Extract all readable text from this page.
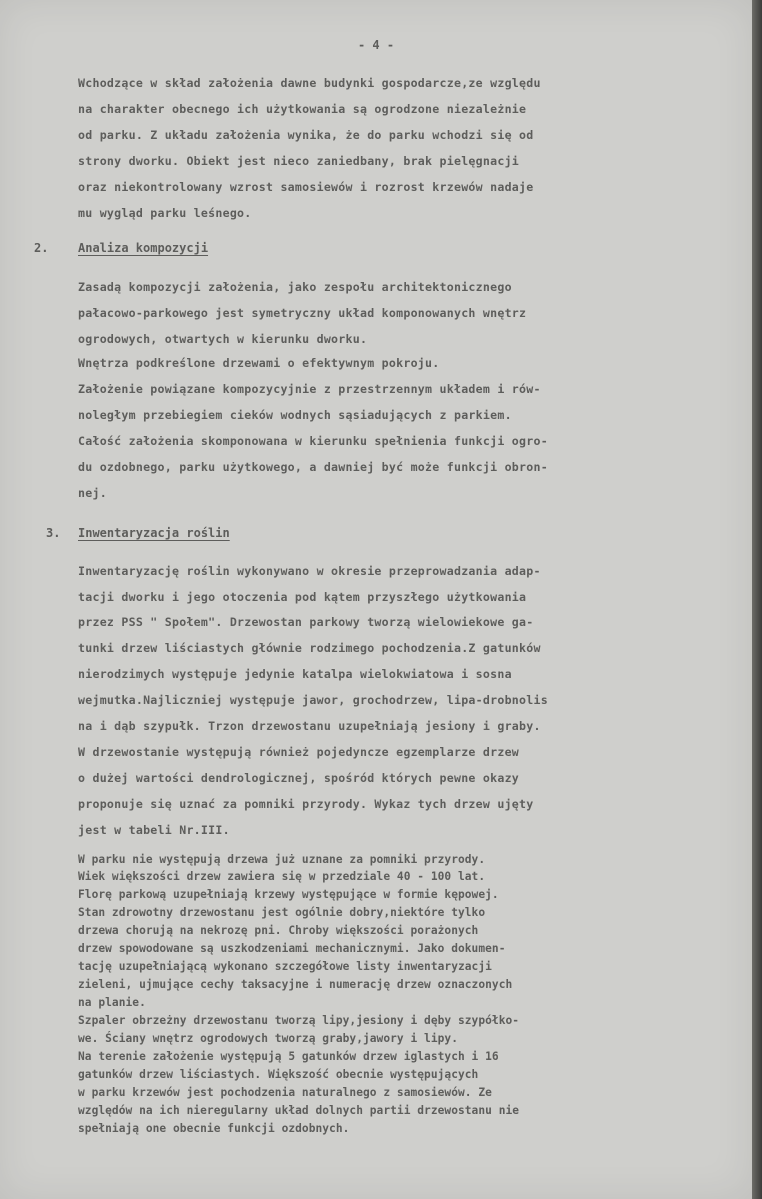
- 4 -
Wchodzące w skład założenia dawne budynki gospodarcze,ze względu
na charakter obecnego ich użytkowania są ogrodzone niezależnie
od parku. Z układu założenia wynika, że do parku wchodzi się od
strony dworku. Obiekt jest nieco zaniedbany, brak pielęgnacji
oraz niekontrolowany wzrost samosiewów i rozrost krzewów nadaje
mu wygląd parku leśnego.
2. Analiza kompozycji
Zasadą kompozycji założenia, jako zespołu architektonicznego
pałacowo-parkowego jest symetryczny układ komponowanych wnętrz
ogrodowych, otwartych w kierunku dworku.
Wnętrza podkreślone drzewami o efektywnym pokroju.
Założenie powiązane kompozycyjnie z przestrzennym układem i rów-
noległym przebiegiem cieków wodnych sąsiadujących z parkiem.
Całość założenia skomponowana w kierunku spełnienia funkcji ogro-
du ozdobnego, parku użytkowego, a dawniej być może funkcji obron-
nej.
3. Inwentaryzacja roślin
Inwentaryzację roślin wykonywano w okresie przeprowadzania adap-
tacji dworku i jego otoczenia pod kątem przyszłego użytkowania
przez PSS " Społem". Drzewostan parkowy tworzą wielowiekowe ga-
tunki drzew liściastych głównie rodzimego pochodzenia.Z gatunków
nierodzimych występuje jedynie katalpa wielokwiatowa i sosna
wejmutka.Najliczniej występuje jawor, grochodrzew, lipa-drobnolis
na i dąb szypułk. Trzon drzewostanu uzupełniają jesiony i graby.
W drzewostanie występują również pojedyncze egzemplarze drzew
o dużej wartości dendrologicznej, spośród których pewne okazy
proponuje się uznać za pomniki przyrody. Wykaz tych drzew ujęty
jest w tabeli Nr.III.
W parku nie występują drzewa już uznane za pomniki przyrody.
Wiek większości drzew zawiera się w przedziale 40 - 100 lat.
Florę parkową uzupełniają krzewy występujące w formie kępowej.
Stan zdrowotny drzewostanu jest ogólnie dobry,niektóre tylko
drzewa chorują na nekrozę pni. Chroby większości porażonych
drzew spowodowane są uszkodzeniami mechanicznymi. Jako dokumen-
tację uzupełniającą wykonano szczegółowe listy inwentaryzacji
zieleni, ujmujące cechy taksacyjne i numerację drzew oznaczonych
na planie.
Szpaler obrzeżny drzewostanu tworzą lipy,jesiony i dęby szypółko-
we. Ściany wnętrz ogrodowych tworzą graby,jawory i lipy.
Na terenie założenie występują 5 gatunków drzew iglastych i 16
gatunków drzew liściastych. Większość obecnie występujących
w parku krzewów jest pochodzenia naturalnego z samosiewów. Ze
względów na ich nieregularny układ dolnych partii drzewostanu nie
spełniają one obecnie funkcji ozdobnych.
